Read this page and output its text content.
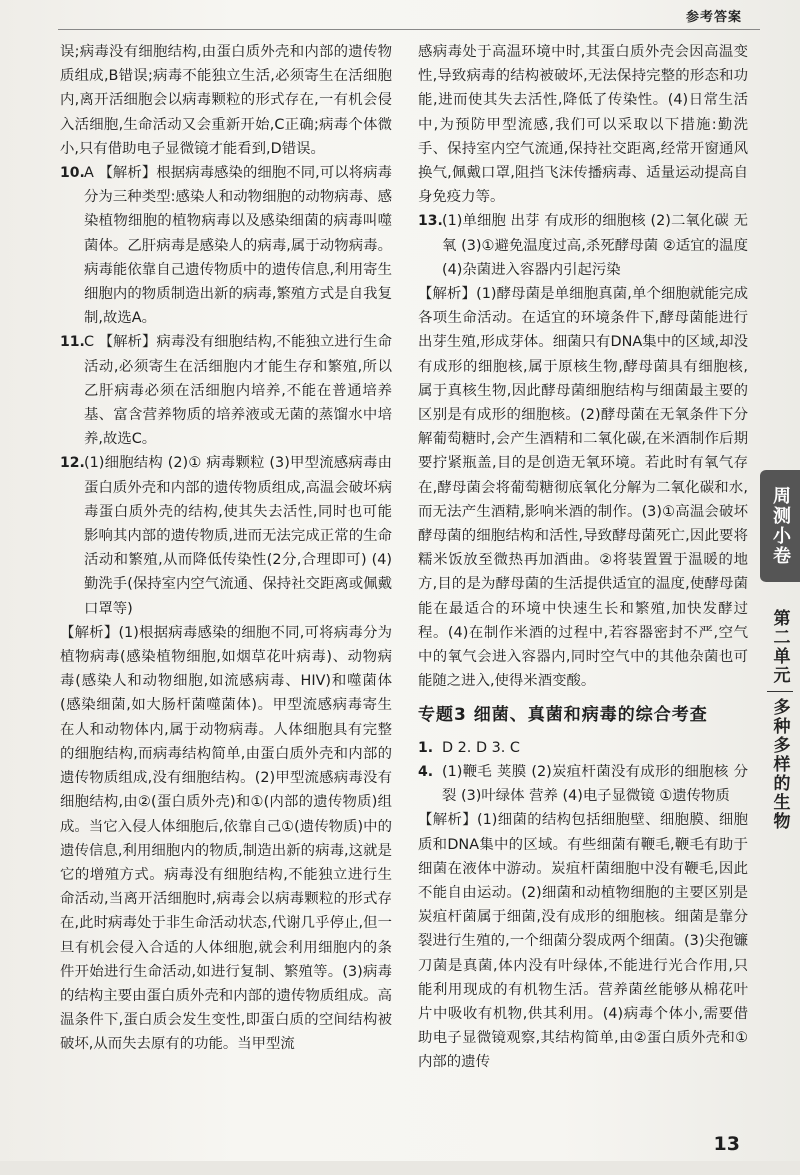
参考答案

误;病毒没有细胞结构,由蛋白质外壳和内部的遗传物质组成,B错误;病毒不能独立生活,必须寄生在活细胞内,离开活细胞会以病毒颗粒的形式存在,一有机会侵入活细胞,生命活动又会重新开始,C正确;病毒个体微小,只有借助电子显微镜才能看到,D错误。

10. A 【解析】根据病毒感染的细胞不同,可以将病毒分为三种类型:感染人和动物细胞的动物病毒、感染植物细胞的植物病毒以及感染细菌的病毒叫噬菌体。乙肝病毒是感染人的病毒,属于动物病毒。病毒能依靠自己遗传物质中的遗传信息,利用寄生细胞内的物质制造出新的病毒,繁殖方式是自我复制,故选A。
11. C 【解析】病毒没有细胞结构,不能独立进行生命活动,必须寄生在活细胞内才能生存和繁殖,所以乙肝病毒必须在活细胞内培养,不能在普通培养基、富含营养物质的培养液或无菌的蒸馏水中培养,故选C。
12. (1)细胞结构 (2)① 病毒颗粒 (3)甲型流感病毒由蛋白质外壳和内部的遗传物质组成,高温会破坏病毒蛋白质外壳的结构,使其失去活性,同时也可能影响其内部的遗传物质,进而无法完成正常的生命活动和繁殖,从而降低传染性(2分,合理即可) (4)勤洗手(保持室内空气流通、保持社交距离或佩戴口罩等)

【解析】(1)根据病毒感染的细胞不同,可将病毒分为植物病毒(感染植物细胞,如烟草花叶病毒)、动物病毒(感染人和动物细胞,如流感病毒、HIV)和噬菌体(感染细菌,如大肠杆菌噬菌体)。甲型流感病毒寄生在人和动物体内,属于动物病毒。人体细胞具有完整的细胞结构,而病毒结构简单,由蛋白质外壳和内部的遗传物质组成,没有细胞结构。(2)甲型流感病毒没有细胞结构,由②(蛋白质外壳)和①(内部的遗传物质)组成。当它入侵人体细胞后,依靠自己①(遗传物质)中的遗传信息,利用细胞内的物质,制造出新的病毒,这就是它的增殖方式。病毒没有细胞结构,不能独立进行生命活动,当离开活细胞时,病毒会以病毒颗粒的形式存在,此时病毒处于非生命活动状态,代谢几乎停止,但一旦有机会侵入合适的人体细胞,就会利用细胞内的条件开始进行生命活动,如进行复制、繁殖等。(3)病毒的结构主要由蛋白质外壳和内部的遗传物质组成。高温条件下,蛋白质会发生变性,即蛋白质的空间结构被破坏,从而失去原有的功能。当甲型流

感病毒处于高温环境中时,其蛋白质外壳会因高温变性,导致病毒的结构被破坏,无法保持完整的形态和功能,进而使其失去活性,降低了传染性。(4)日常生活中,为预防甲型流感,我们可以采取以下措施:勤洗手、保持室内空气流通,保持社交距离,经常开窗通风换气,佩戴口罩,阻挡飞沫传播病毒、适量运动提高自身免疫力等。

13. (1)单细胞 出芽 有成形的细胞核 (2)二氧化碳 无氧 (3)①避免温度过高,杀死酵母菌 ②适宜的温度 (4)杂菌进入容器内引起污染

【解析】(1)酵母菌是单细胞真菌,单个细胞就能完成各项生命活动。在适宜的环境条件下,酵母菌能进行出芽生殖,形成芽体。细菌只有DNA集中的区域,却没有成形的细胞核,属于原核生物,酵母菌具有细胞核,属于真核生物,因此酵母菌细胞结构与细菌最主要的区别是有成形的细胞核。(2)酵母菌在无氧条件下分解葡萄糖时,会产生酒精和二氧化碳,在米酒制作后期要拧紧瓶盖,目的是创造无氧环境。若此时有氧气存在,酵母菌会将葡萄糖彻底氧化分解为二氧化碳和水,而无法产生酒精,影响米酒的制作。(3)①高温会破坏酵母菌的细胞结构和活性,导致酵母菌死亡,因此要将糯米饭放至微热再加酒曲。②将装置置于温暖的地方,目的是为酵母菌的生活提供适宜的温度,使酵母菌能在最适合的环境中快速生长和繁殖,加快发酵过程。(4)在制作米酒的过程中,若容器密封不严,空气中的氧气会进入容器内,同时空气中的其他杂菌也可能随之进入,使得米酒变酸。

专题3 细菌、真菌和病毒的综合考查
1. D 2. D 3. C
4. (1)鞭毛 荚膜 (2)炭疽杆菌没有成形的细胞核 分裂 (3)叶绿体 营养 (4)电子显微镜 ①遗传物质

【解析】(1)细菌的结构包括细胞壁、细胞膜、细胞质和DNA集中的区域。有些细菌有鞭毛,鞭毛有助于细菌在液体中游动。炭疽杆菌细胞中没有鞭毛,因此不能自由运动。(2)细菌和动植物细胞的主要区别是炭疽杆菌属于细菌,没有成形的细胞核。细菌是靠分裂进行生殖的,一个细菌分裂成两个细菌。(3)尖孢镰刀菌是真菌,体内没有叶绿体,不能进行光合作用,只能利用现成的有机物生活。营养菌丝能够从棉花叶片中吸收有机物,供其利用。(4)病毒个体小,需要借助电子显微镜观察,其结构简单,由②蛋白质外壳和①内部的遗传

周测小卷
第二单元
多种多样的生物
13
